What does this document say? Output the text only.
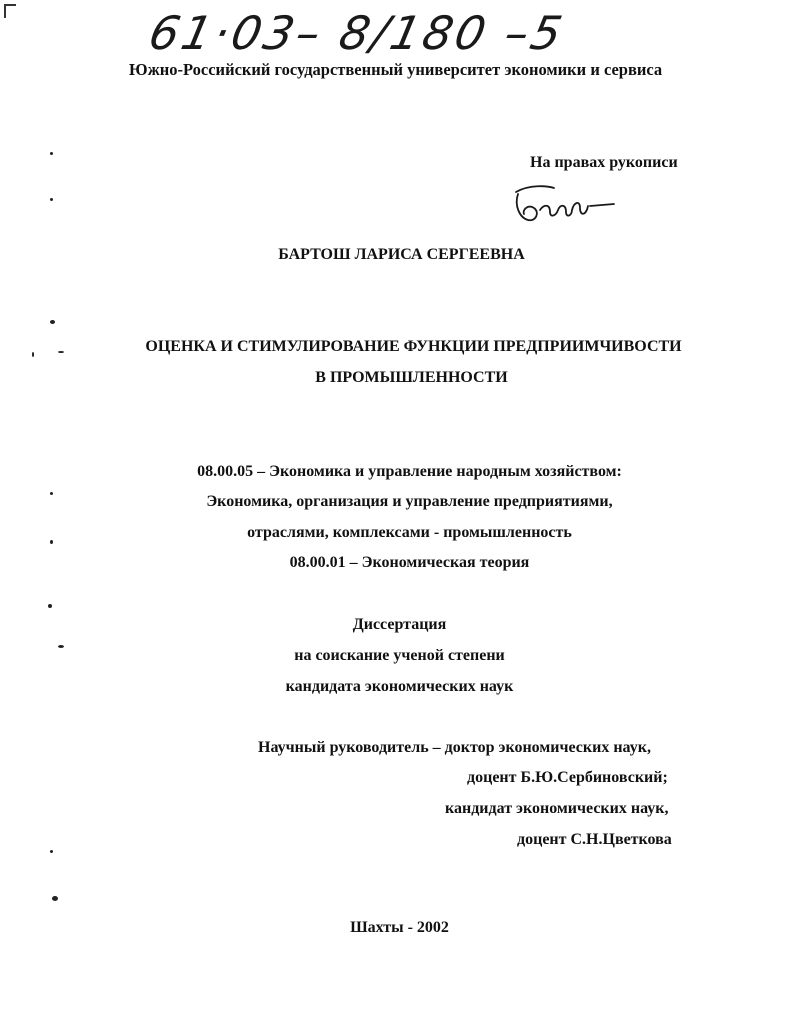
61·03– 8/180 –5
Южно-Российский государственный университет экономики и сервиса
На правах рукописи
БАРТОШ ЛАРИСА СЕРГЕЕВНА
ОЦЕНКА И СТИМУЛИРОВАНИЕ ФУНКЦИИ ПРЕДПРИИМЧИВОСТИ
В ПРОМЫШЛЕННОСТИ
08.00.05 – Экономика и управление народным хозяйством:
Экономика, организация и управление предприятиями,
отраслями, комплексами - промышленность
08.00.01 – Экономическая теория
Диссертация
на соискание ученой степени
кандидата экономических наук
Научный руководитель – доктор экономических наук,
доцент Б.Ю.Сербиновский;
кандидат экономических наук,
доцент С.Н.Цветкова
Шахты - 2002
